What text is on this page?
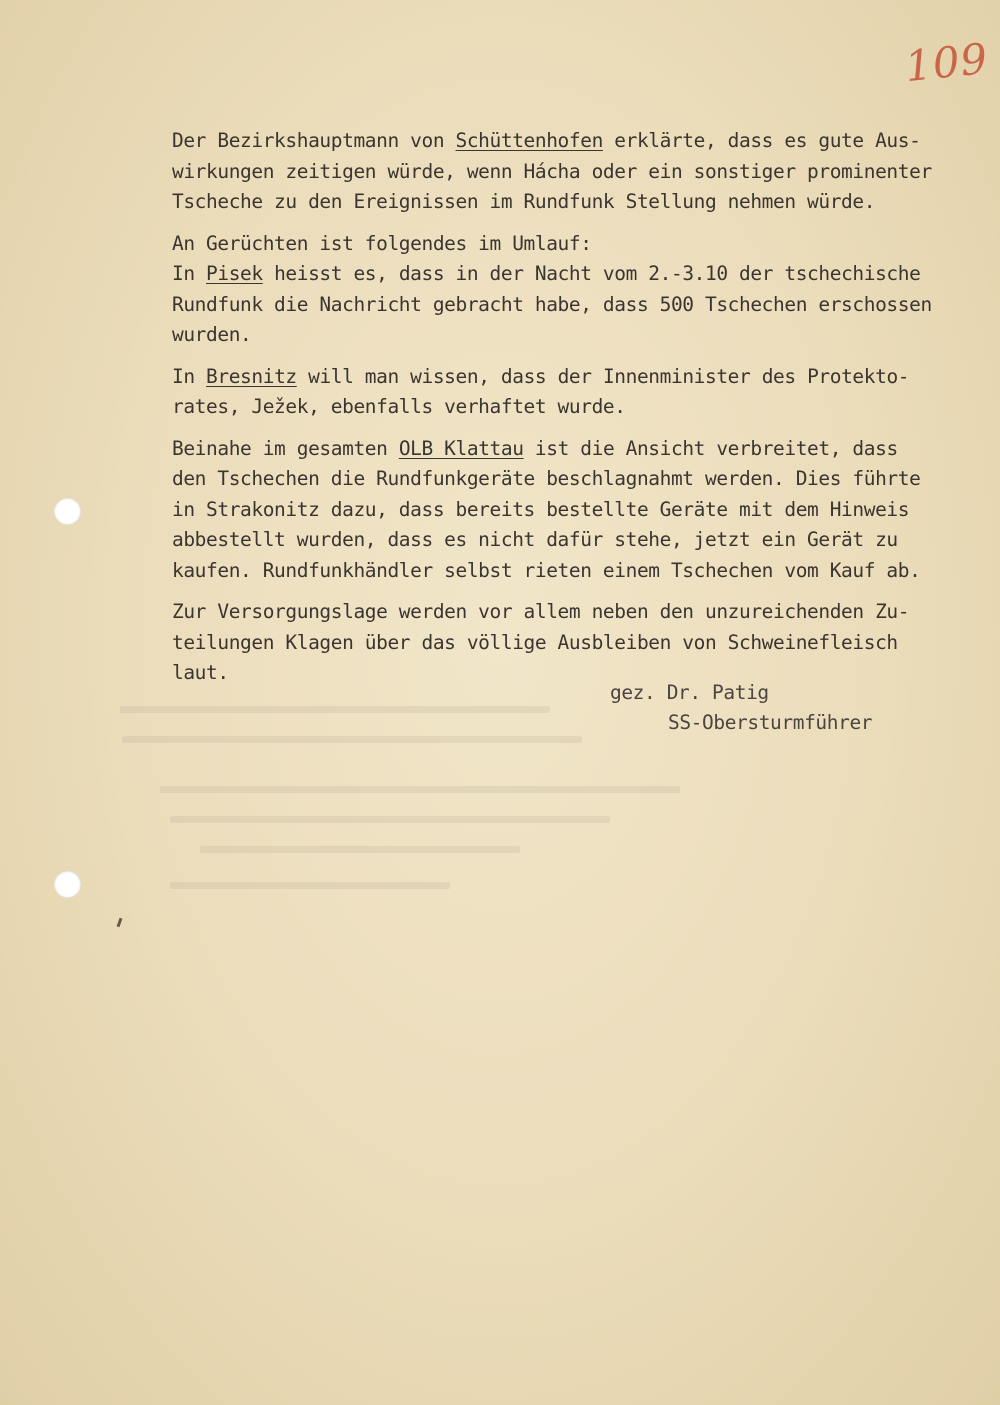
109
Der Bezirkshauptmann von Schüttenhofen erklärte, dass es gute Aus-
wirkungen zeitigen würde, wenn Hácha oder ein sonstiger prominenter
Tscheche zu den Ereignissen im Rundfunk Stellung nehmen würde.
An Gerüchten ist folgendes im Umlauf:
In Pisek heisst es, dass in der Nacht vom 2.-3.10 der tschechische
Rundfunk die Nachricht gebracht habe, dass 500 Tschechen erschossen
wurden.
In Bresnitz will man wissen, dass der Innenminister des Protekto-
rates, Ježek, ebenfalls verhaftet wurde.
Beinahe im gesamten OLB Klattau ist die Ansicht verbreitet, dass
den Tschechen die Rundfunkgeräte beschlagnahmt werden. Dies führte
in Strakonitz dazu, dass bereits bestellte Geräte mit dem Hinweis
abbestellt wurden, dass es nicht dafür stehe, jetzt ein Gerät zu
kaufen. Rundfunkhändler selbst rieten einem Tschechen vom Kauf ab.
Zur Versorgungslage werden vor allem neben den unzureichenden Zu-
teilungen Klagen über das völlige Ausbleiben von Schweinefleisch
laut.
gez. Dr. Patig
SS-Obersturmführer
